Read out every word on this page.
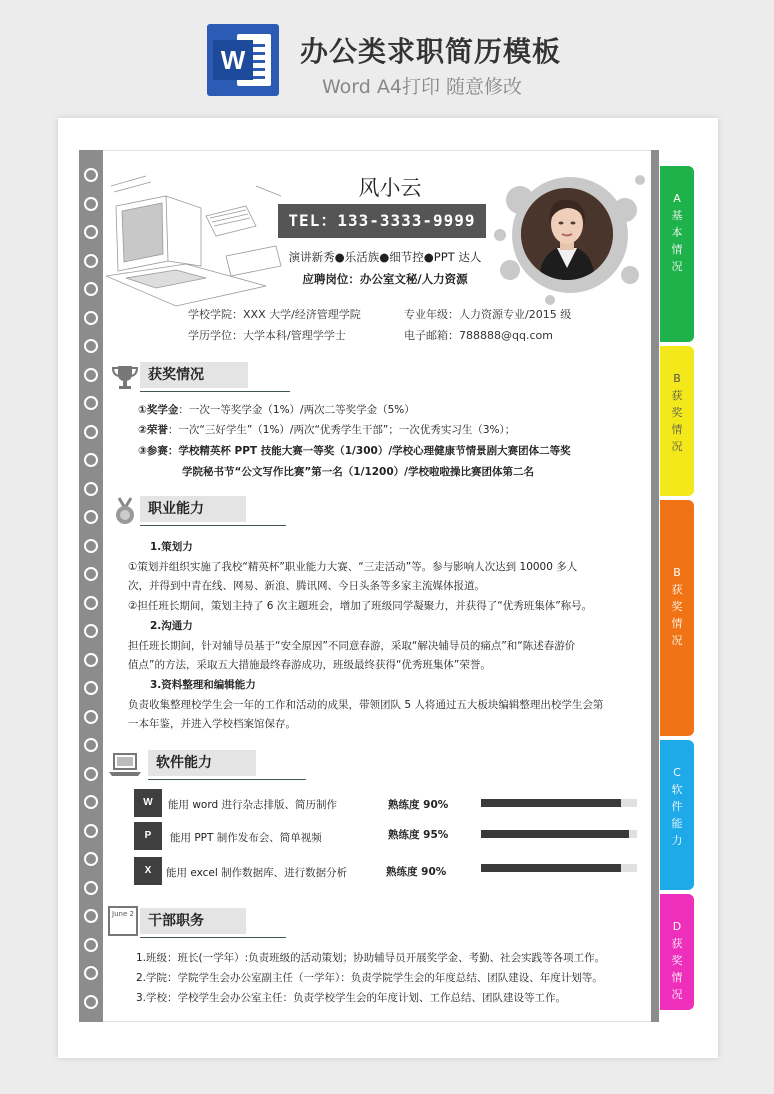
W 办公类求职简历模板
Word A4打印 随意修改
A
基
本
情
况
B
获
奖
情
况
B
获
奖
情
况
C
软
件
能
力
D
获
奖
情
况
风小云
TEL：133-3333-9999
演讲新秀●乐活族●细节控●PPT 达人
应聘岗位：办公室文秘/人力资源
学校学院：XXX 大学/经济管理学院	专业年级：人力资源专业/2015 级
学历学位：大学本科/管理学学士	电子邮箱：788888@qq.com
获奖情况
①奖学金：一次一等奖学金（1%）/两次二等奖学金（5%）
②荣誉：一次“三好学生”（1%）/两次“优秀学生干部”；一次优秀实习生（3%）；
③参赛：学校精英杯 PPT 技能大赛一等奖（1/300）/学校心理健康节情景剧大赛团体二等奖
学院秘书节“公文写作比赛”第一名（1/1200）/学校啦啦操比赛团体第二名
职业能力
1.策划力
①策划并组织实施了我校“精英杯”职业能力大赛、“三走活动”等。参与影响人次达到 10000 多人
次，并得到中青在线、网易、新浪、腾讯网、今日头条等多家主流媒体报道。
②担任班长期间，策划主持了 6 次主题班会，增加了班级同学凝聚力，并获得了“优秀班集体”称号。
2.沟通力
担任班长期间，针对辅导员基于“安全原因”不同意春游，采取“解决辅导员的痛点”和“陈述春游价
值点”的方法，采取五大措施最终春游成功，班级最终获得“优秀班集体”荣誉。
3.资料整理和编辑能力
负责收集整理校学生会一年的工作和活动的成果，带领团队 5 人将通过五大板块编辑整理出校学生会第
一本年鉴，并进入学校档案馆保存。
软件能力
W	能用 word 进行杂志排版、简历制作	熟练度 90%
P	能用 PPT 制作发布会、简单视频	熟练度 95%
X	能用 excel 制作数据库、进行数据分析	熟练度 90%
June 2	干部职务
1.班级：班长(一学年）:负责班级的活动策划；协助辅导员开展奖学金、考勤、社会实践等各项工作。
2.学院：学院学生会办公室副主任（一学年）：负责学院学生会的年度总结、团队建设、年度计划等。
3.学校：学校学生会办公室主任：负责学校学生会的年度计划、工作总结、团队建设等工作。
